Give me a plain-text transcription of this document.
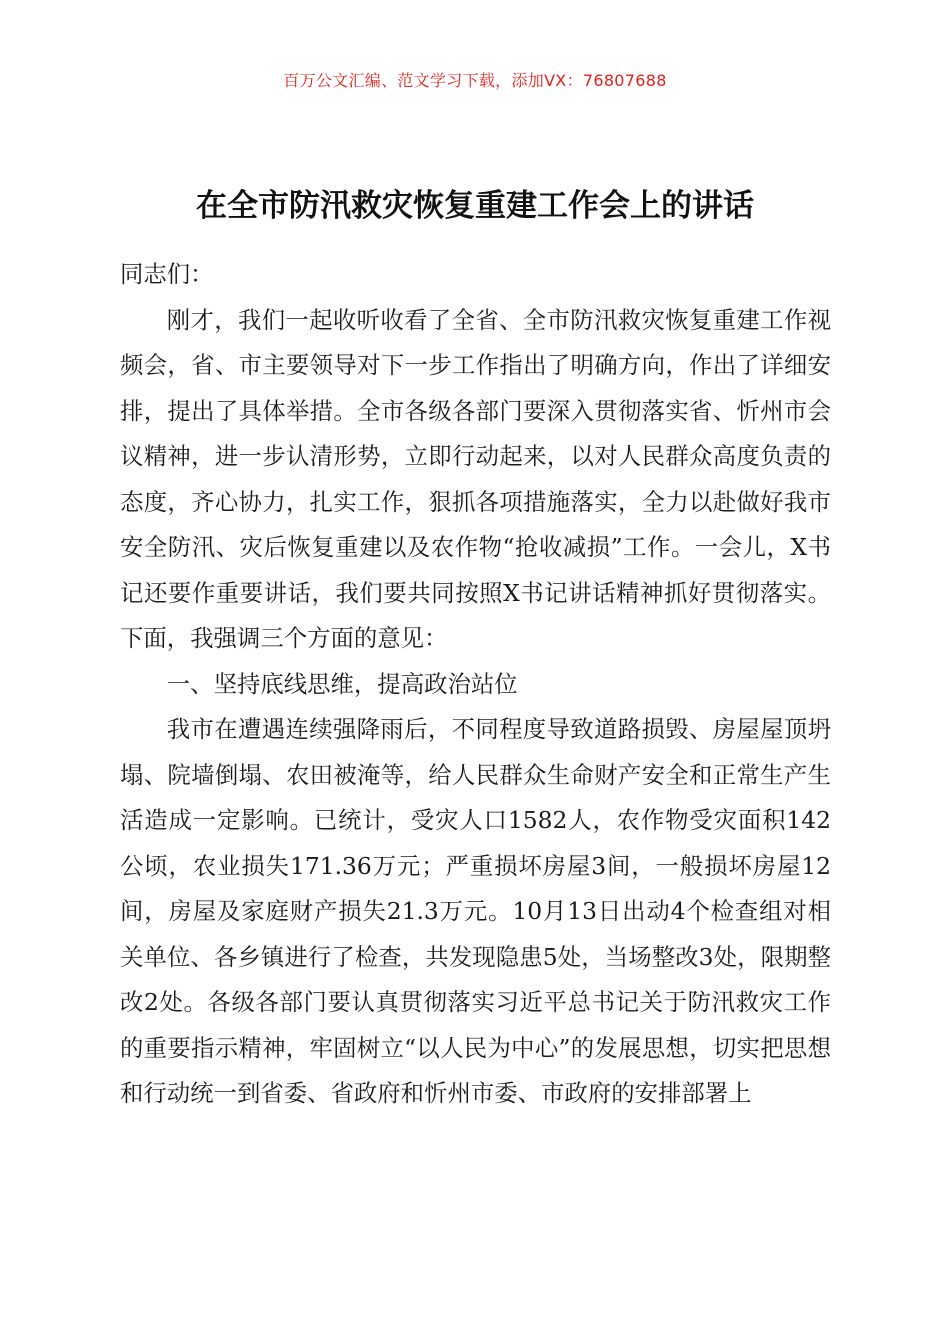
百万公文汇编、范文学习下载，添加VX：76807688
在全市防汛救灾恢复重建工作会上的讲话

同志们：

刚才，我们一起收听收看了全省、全市防汛救灾恢复重建工作视频会，省、市主要领导对下一步工作指出了明确方向，作出了详细安排，提出了具体举措。全市各级各部门要深入贯彻落实省、忻州市会议精神，进一步认清形势，立即行动起来，以对人民群众高度负责的态度，齐心协力，扎实工作，狠抓各项措施落实，全力以赴做好我市安全防汛、灾后恢复重建以及农作物“抢收减损”工作。一会儿，X书记还要作重要讲话，我们要共同按照X书记讲话精神抓好贯彻落实。下面，我强调三个方面的意见：

一、坚持底线思维，提高政治站位

我市在遭遇连续强降雨后，不同程度导致道路损毁、房屋屋顶坍塌、院墙倒塌、农田被淹等，给人民群众生命财产安全和正常生产生活造成一定影响。已统计，受灾人口1582人，农作物受灾面积142公顷，农业损失171.36万元；严重损坏房屋3间，一般损坏房屋12间，房屋及家庭财产损失21.3万元。10月13日出动4个检查组对相关单位、各乡镇进行了检查，共发现隐患5处，当场整改3处，限期整改2处。各级各部门要认真贯彻落实习近平总书记关于防汛救灾工作的重要指示精神，牢固树立“以人民为中心”的发展思想，切实把思想和行动统一到省委、省政府和忻州市委、市政府的安排部署上
